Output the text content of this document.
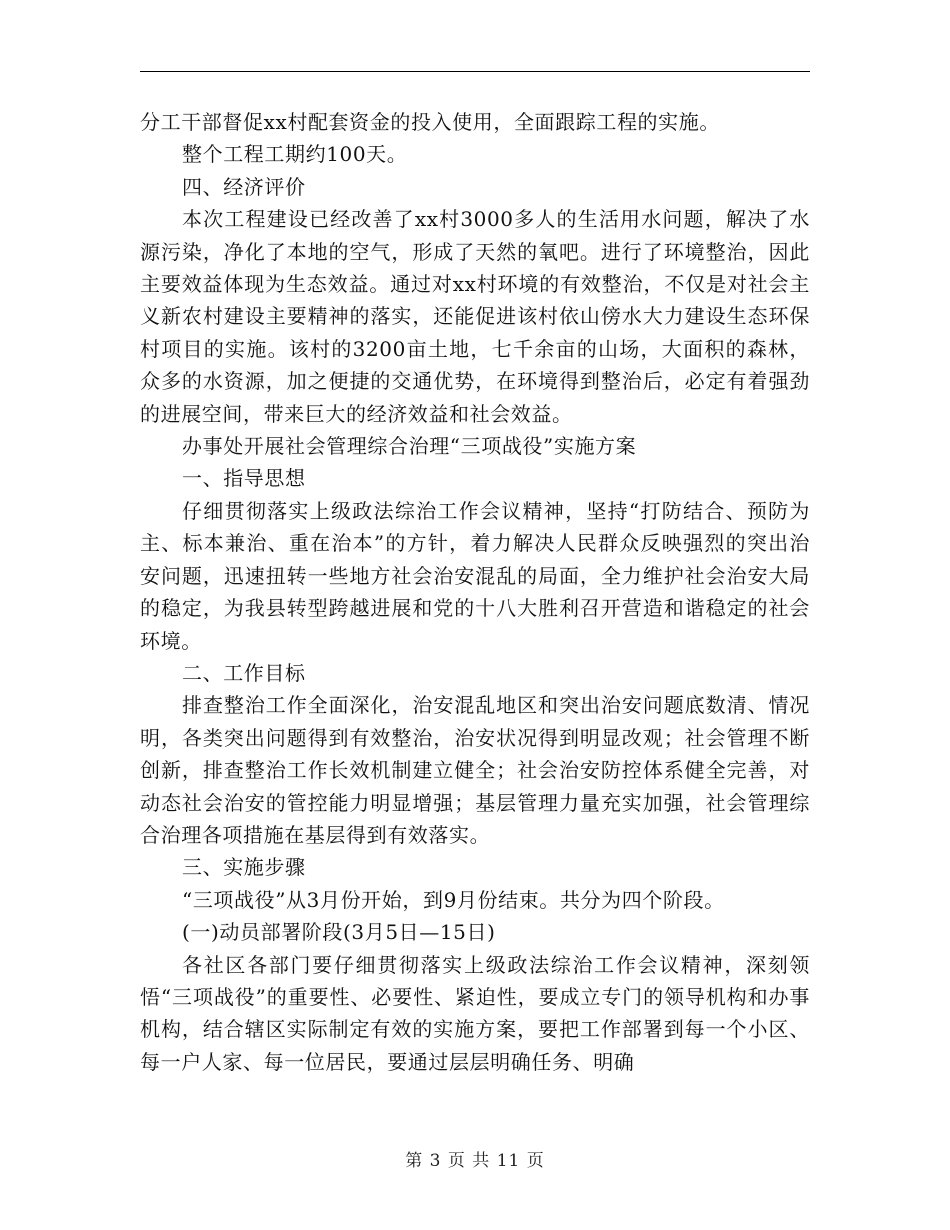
分工干部督促xx村配套资金的投入使用，全面跟踪工程的实施。

整个工程工期约100天。

四、经济评价

本次工程建设已经改善了xx村3000多人的生活用水问题，解决了水源污染，净化了本地的空气，形成了天然的氧吧。进行了环境整治，因此主要效益体现为生态效益。通过对xx村环境的有效整治，不仅是对社会主义新农村建设主要精神的落实，还能促进该村依山傍水大力建设生态环保村项目的实施。该村的3200亩土地，七千余亩的山场，大面积的森林，众多的水资源，加之便捷的交通优势，在环境得到整治后，必定有着强劲的进展空间，带来巨大的经济效益和社会效益。

办事处开展社会管理综合治理“三项战役”实施方案

一、指导思想

仔细贯彻落实上级政法综治工作会议精神，坚持“打防结合、预防为主、标本兼治、重在治本”的方针，着力解决人民群众反映强烈的突出治安问题，迅速扭转一些地方社会治安混乱的局面，全力维护社会治安大局的稳定，为我县转型跨越进展和党的十八大胜利召开营造和谐稳定的社会环境。

二、工作目标

排查整治工作全面深化，治安混乱地区和突出治安问题底数清、情况明，各类突出问题得到有效整治，治安状况得到明显改观；社会管理不断创新，排查整治工作长效机制建立健全；社会治安防控体系健全完善，对动态社会治安的管控能力明显增强；基层管理力量充实加强，社会管理综合治理各项措施在基层得到有效落实。

三、实施步骤

“三项战役”从3月份开始，到9月份结束。共分为四个阶段。

(一)动员部署阶段(3月5日—15日)

各社区各部门要仔细贯彻落实上级政法综治工作会议精神，深刻领悟“三项战役”的重要性、必要性、紧迫性，要成立专门的领导机构和办事机构，结合辖区实际制定有效的实施方案，要把工作部署到每一个小区、每一户人家、每一位居民，要通过层层明确任务、明确

第 3 页 共 11 页
